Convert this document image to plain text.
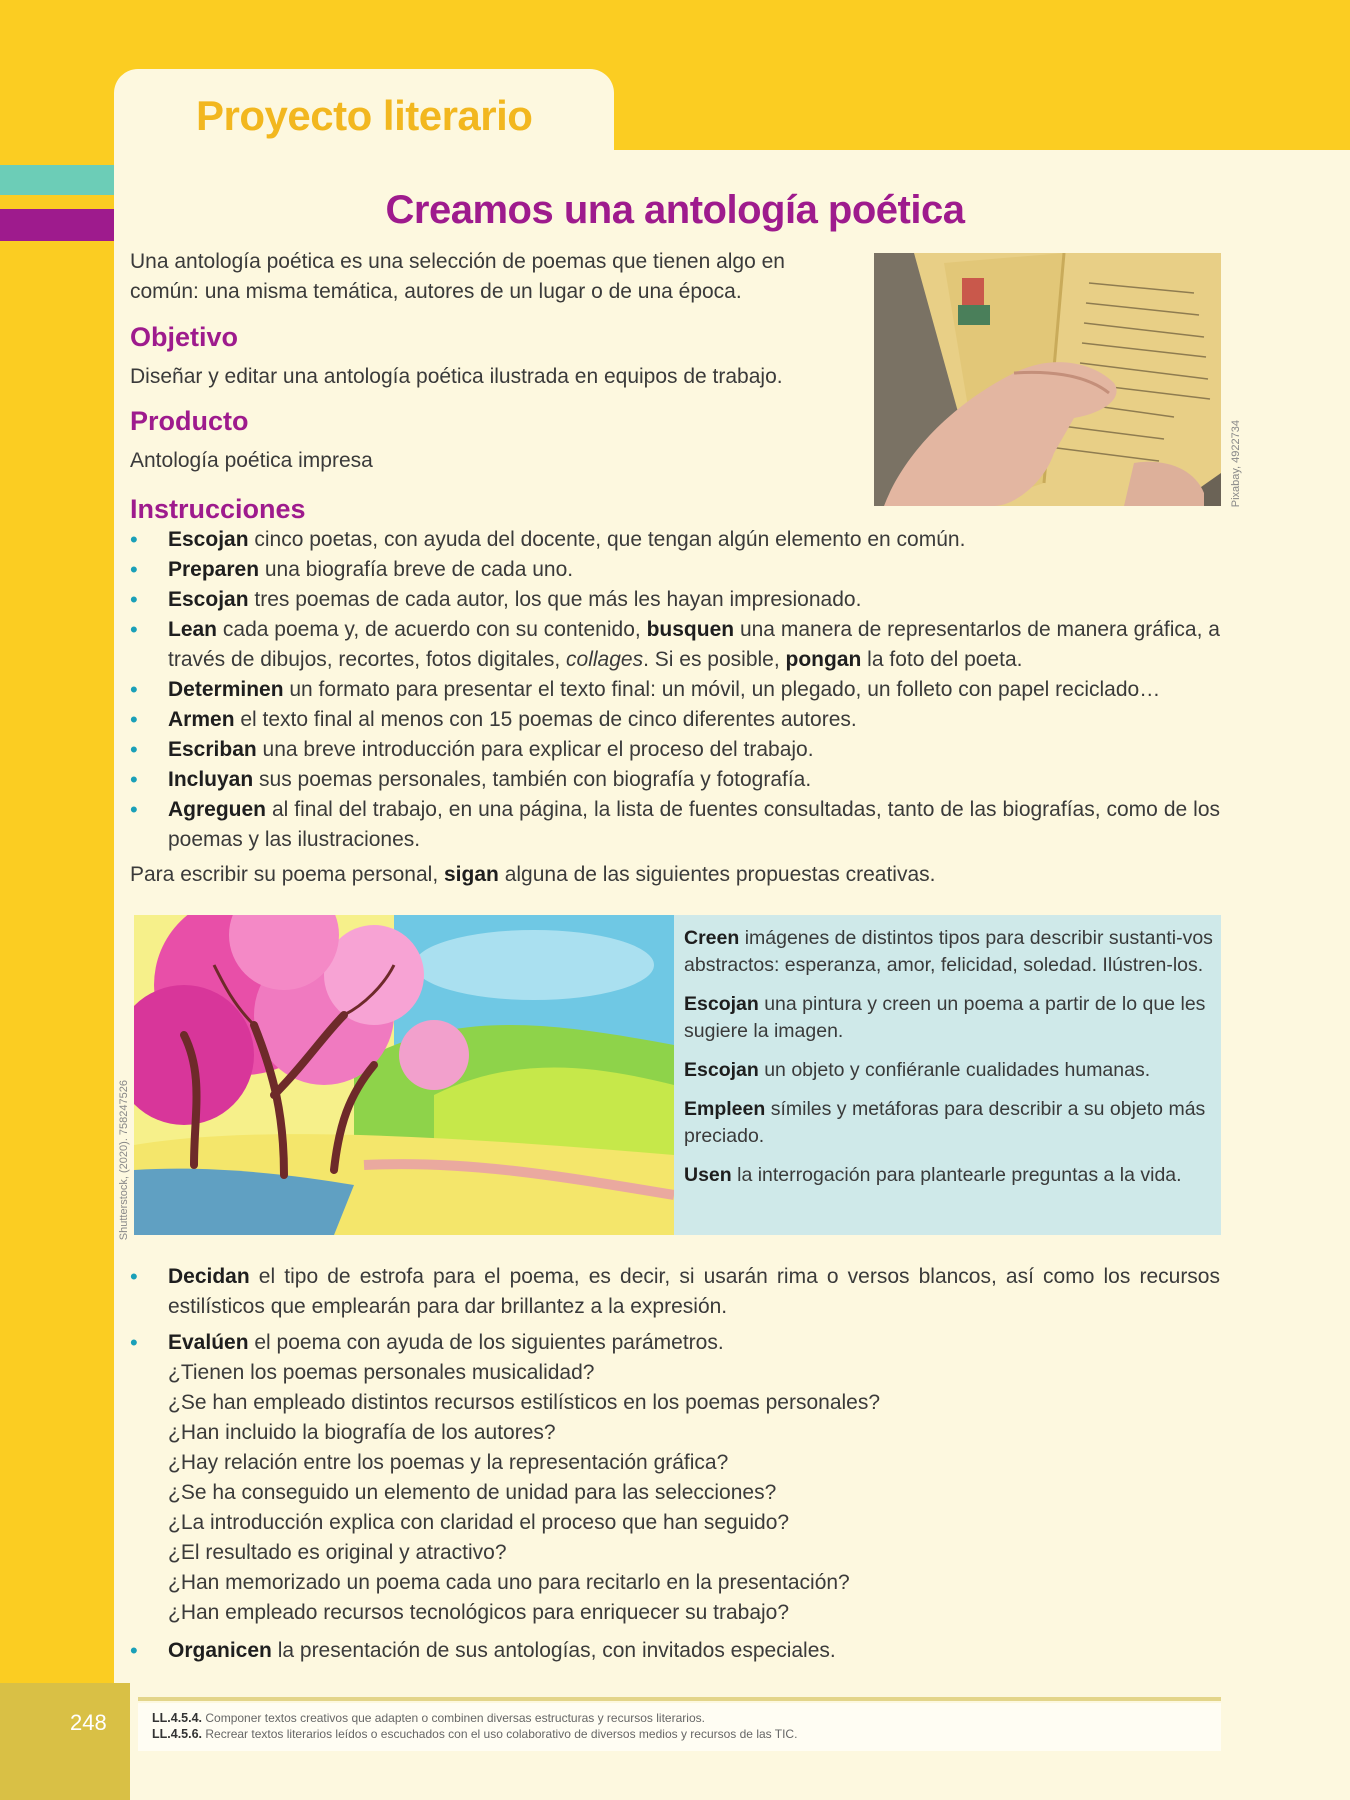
Proyecto literario
Creamos una antología poética
Una antología poética es una selección de poemas que tienen algo en
común: una misma temática, autores de un lugar o de una época.
Objetivo
Diseñar y editar una antología poética ilustrada en equipos de trabajo.
Producto
Antología poética impresa	Pixabay, 4922734
Instrucciones
• Escojan cinco poetas, con ayuda del docente, que tengan algún elemento en común.
• Preparen una biografía breve de cada uno.
• Escojan tres poemas de cada autor, los que más les hayan impresionado.
• Lean cada poema y, de acuerdo con su contenido, busquen una manera de representarlos de manera gráfica, a través de dibujos, recortes, fotos digitales, collages. Si es posible, pongan la foto del poeta.
• Determinen un formato para presentar el texto final: un móvil, un plegado, un folleto con papel reciclado…
• Armen el texto final al menos con 15 poemas de cinco diferentes autores.
• Escriban una breve introducción para explicar el proceso del trabajo.
• Incluyan sus poemas personales, también con biografía y fotografía.
• Agreguen al final del trabajo, en una página, la lista de fuentes consultadas, tanto de las biografías, como de los poemas y las ilustraciones.
Para escribir su poema personal, sigan alguna de las siguientes propuestas creativas.
Shutterstock, (2020). 758247526

Creen imágenes de distintos tipos para describir sustanti-vos abstractos: esperanza, amor, felicidad, soledad. Ilústren-los.

Escojan una pintura y creen un poema a partir de lo que les sugiere la imagen.

Escojan un objeto y confiéranle cualidades humanas.

Empleen símiles y metáforas para describir a su objeto más preciado.

Usen la interrogación para plantearle preguntas a la vida.

• Decidan el tipo de estrofa para el poema, es decir, si usarán rima o versos blancos, así como los recursos estilísticos que emplearán para dar brillantez a la expresión.
• Evalúen el poema con ayuda de los siguientes parámetros.
¿Tienen los poemas personales musicalidad?
¿Se han empleado distintos recursos estilísticos en los poemas personales?
¿Han incluido la biografía de los autores?
¿Hay relación entre los poemas y la representación gráfica?
¿Se ha conseguido un elemento de unidad para las selecciones?
¿La introducción explica con claridad el proceso que han seguido?
¿El resultado es original y atractivo?
¿Han memorizado un poema cada uno para recitarlo en la presentación?
¿Han empleado recursos tecnológicos para enriquecer su trabajo?
• Organicen la presentación de sus antologías, con invitados especiales.
LL.4.5.4. Componer textos creativos que adapten o combinen diversas estructuras y recursos literarios.
LL.4.5.6. Recrear textos literarios leídos o escuchados con el uso colaborativo de diversos medios y recursos de las TIC.
248
